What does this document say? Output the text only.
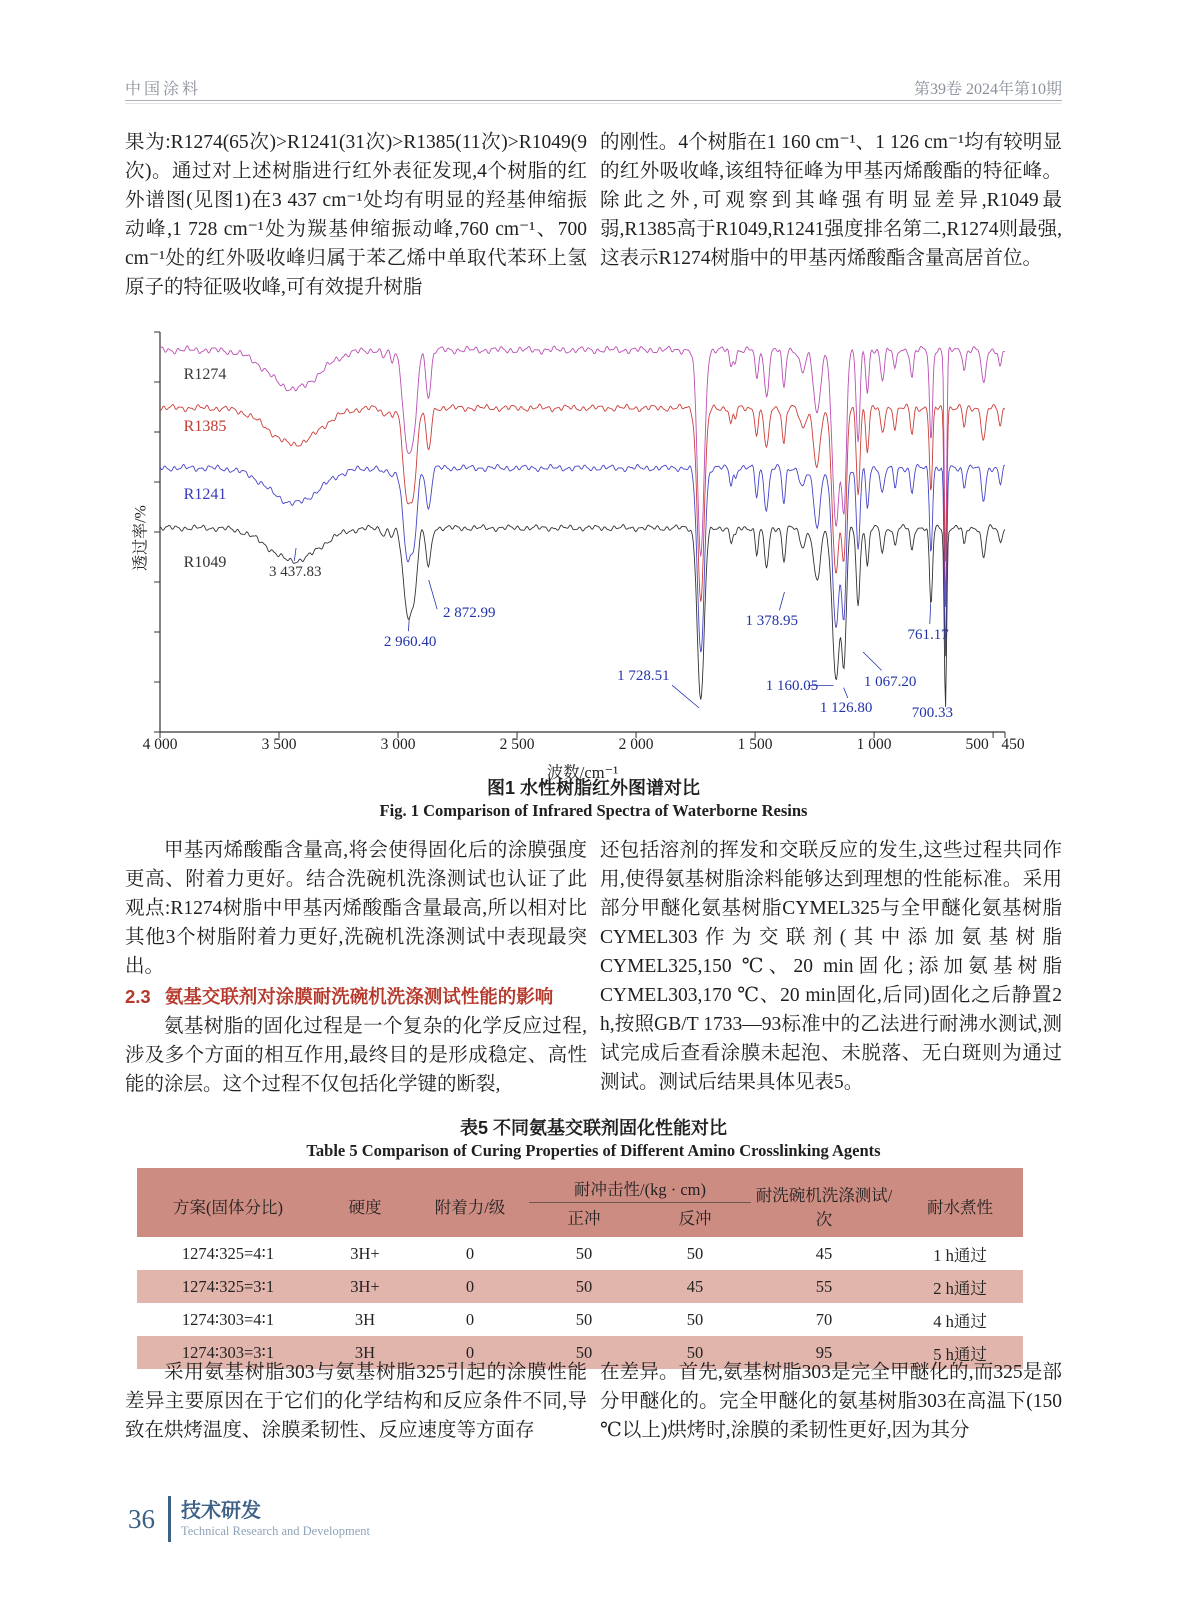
中国涂料	第39卷 2024年第10期

果为:R1274(65次)>R1241(31次)>R1385(11次)>R1049(9次)。通过对上述树脂进行红外表征发现,4个树脂的红外谱图(见图1)在3 437 cm⁻¹处均有明显的羟基伸缩振动峰,1 728 cm⁻¹处为羰基伸缩振动峰,760 cm⁻¹、700 cm⁻¹处的红外吸收峰归属于苯乙烯中单取代苯环上氢原子的特征吸收峰,可有效提升树脂

的刚性。4个树脂在1 160 cm⁻¹、1 126 cm⁻¹均有较明显的红外吸收峰,该组特征峰为甲基丙烯酸酯的特征峰。除此之外,可观察到其峰强有明显差异,R1049最弱,R1385高于R1049,R1241强度排名第二,R1274则最强,这表示R1274树脂中的甲基丙烯酸酯含量高居首位。

透过率/%
R1274
R1385
R1241
R1049
3 437.83
2 960.40
2 872.99
1 728.51
1 378.95
1 160.05
1 126.80
1 067.20
761.17
700.33
4 000	3 500	3 000	2 500	2 000	1 500	1 000	500 450
波数/cm⁻¹

图1 水性树脂红外图谱对比

Fig. 1 Comparison of Infrared Spectra of Waterborne Resins

甲基丙烯酸酯含量高,将会使得固化后的涂膜强度更高、附着力更好。结合洗碗机洗涤测试也认证了此观点:R1274树脂中甲基丙烯酸酯含量最高,所以相对比其他3个树脂附着力更好,洗碗机洗涤测试中表现最突出。

2.3 氨基交联剂对涂膜耐洗碗机洗涤测试性能的影响

氨基树脂的固化过程是一个复杂的化学反应过程,涉及多个方面的相互作用,最终目的是形成稳定、高性能的涂层。这个过程不仅包括化学键的断裂,

还包括溶剂的挥发和交联反应的发生,这些过程共同作用,使得氨基树脂涂料能够达到理想的性能标准。采用部分甲醚化氨基树脂CYMEL325与全甲醚化氨基树脂CYMEL303作为交联剂(其中添加氨基树脂CYMEL325,150 ℃、20 min固化;添加氨基树脂CYMEL303,170 ℃、20 min固化,后同)固化之后静置2 h,按照GB/T 1733—93标准中的乙法进行耐沸水测试,测试完成后查看涂膜未起泡、未脱落、无白斑则为通过测试。测试后结果具体见表5。

表5 不同氨基交联剂固化性能对比

Table 5 Comparison of Curing Properties of Different Amino Crosslinking Agents

方案(固体分比)	硬度	附着力/级	耐冲击性/(kg · cm)		耐洗碗机洗涤测试/次	耐水煮性
			正冲	反冲		
1274∶325=4∶1	3H+	0	50	50	45	1 h通过
1274∶325=3∶1	3H+	0	50	45	55	2 h通过
1274∶303=4∶1	3H	0	50	50	70	4 h通过
1274∶303=3∶1	3H	0	50	50	95	5 h通过

采用氨基树脂303与氨基树脂325引起的涂膜性能差异主要原因在于它们的化学结构和反应条件不同,导致在烘烤温度、涂膜柔韧性、反应速度等方面存

在差异。首先,氨基树脂303是完全甲醚化的,而325是部分甲醚化的。完全甲醚化的氨基树脂303在高温下(150 ℃以上)烘烤时,涂膜的柔韧性更好,因为其分

36 技术研发
Technical Research and Development
